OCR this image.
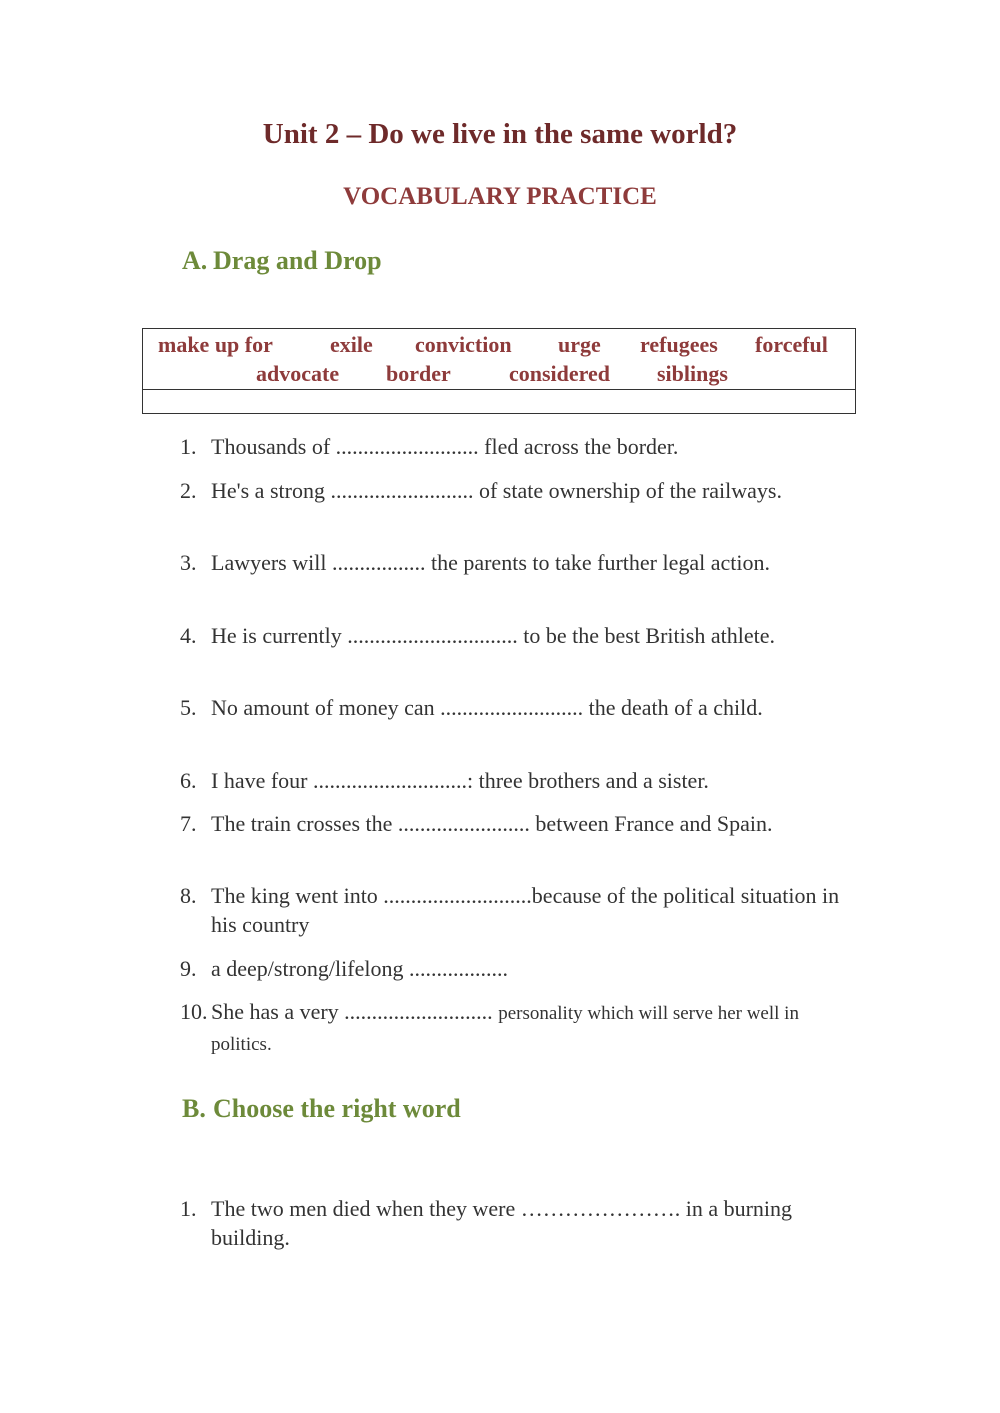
Unit 2 – Do we live in the same world?
VOCABULARY PRACTICE
A. Drag and Drop
make up for	exile conviction urge refugees forceful
advocate border	considered siblings
1. Thousands of .......................... fled across the border.
2. He's a strong .......................... of state ownership of the railways.
3. Lawyers will ................. the parents to take further legal action.
4. He is currently ............................... to be the best British athlete.
5. No amount of money can .......................... the death of a child.
6. I have four ............................: three brothers and a sister.
7. The train crosses the ........................ between France and Spain.
8. The king went into ...........................because of the political situation in his country
9. a deep/strong/lifelong ..................
10. She has a very ........................... personality which will serve her well in politics.
B. Choose the right word
1. The two men died when they were …………………. in a burning building.
